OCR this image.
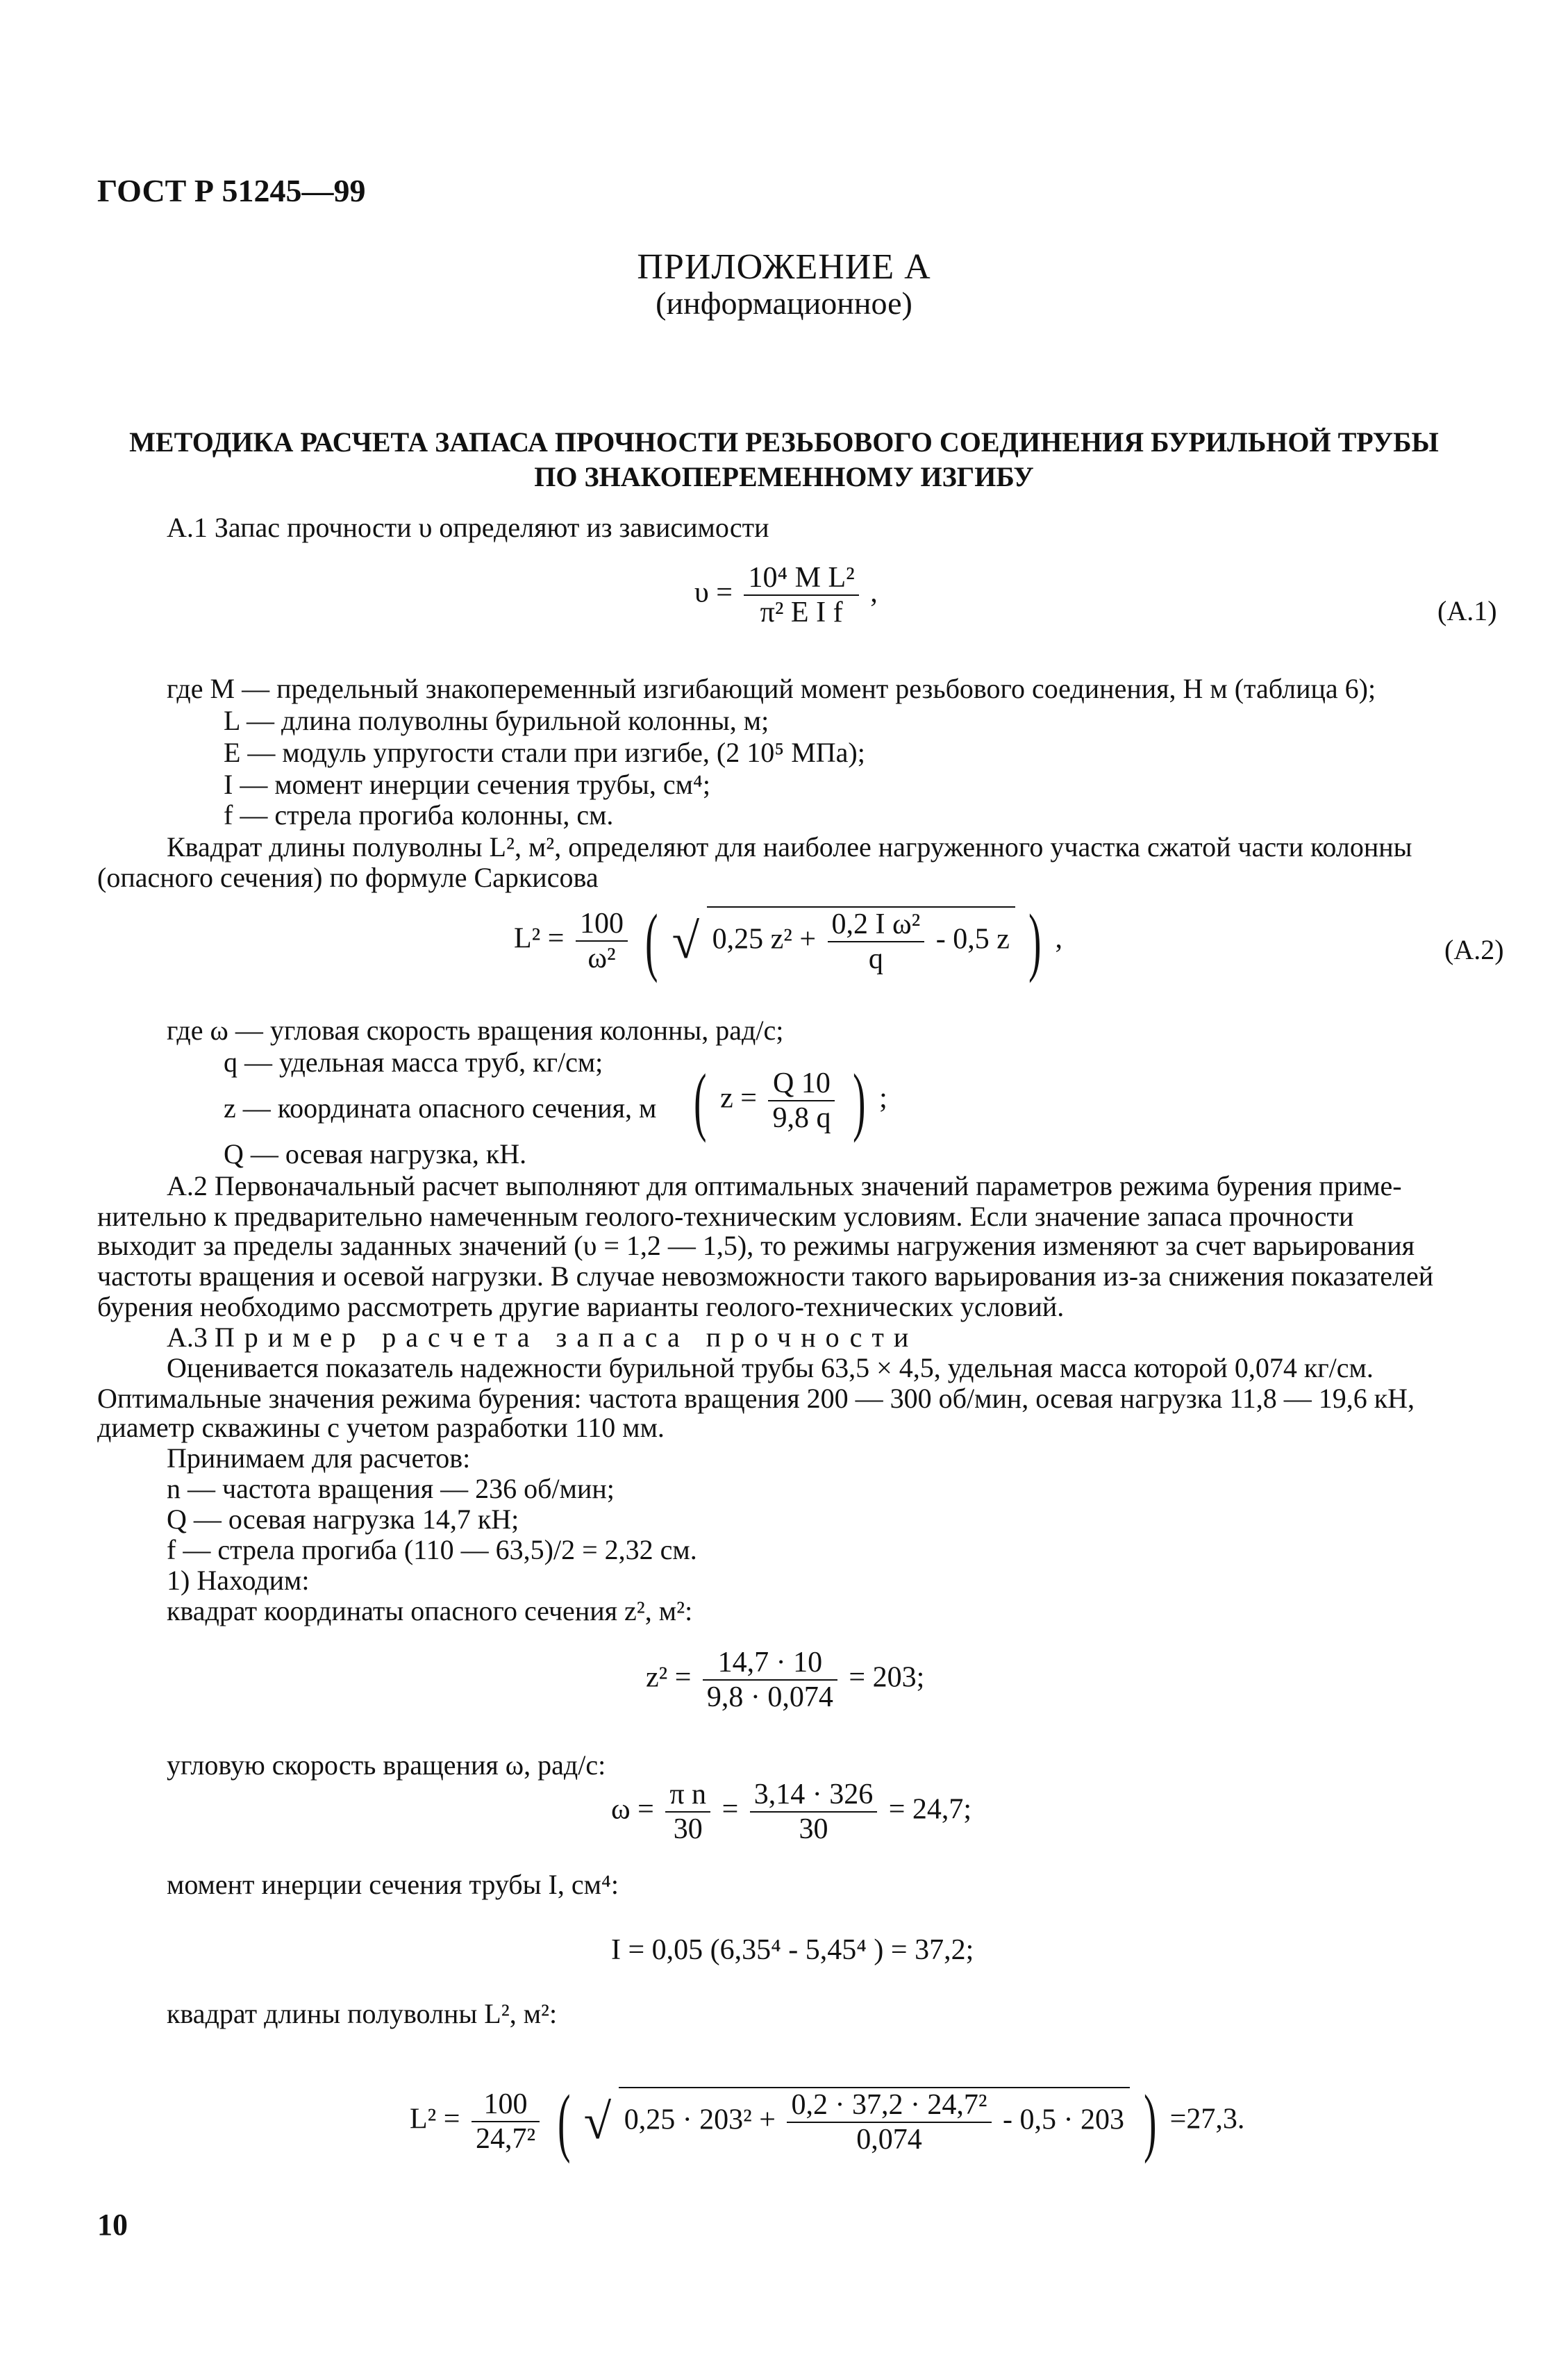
ГОСТ Р 51245—99
ПРИЛОЖЕНИЕ А
(информационное)
МЕТОДИКА РАСЧЕТА ЗАПАСА ПРОЧНОСТИ РЕЗЬБОВОГО СОЕДИНЕНИЯ БУРИЛЬНОЙ ТРУБЫ
ПО ЗНАКОПЕРЕМЕННОМУ ИЗГИБУ
А.1 Запас прочности υ определяют из зависимости
$\upsilon = \frac{\text{10⁴ M L²}}{\text{π² E I f}}$ ,
(А.1)
где M — предельный знакопеременный изгибающий момент резьбового соединения, Н м (таблица 6);
L — длина полуволны бурильной колонны, м;
E — модуль упругости стали при изгибе, (2 10⁵ МПа);
I — момент инерции сечения трубы, см⁴;
f — стрела прогиба колонны, см.
Квадрат длины полуволны L², м², определяют для наиболее нагруженного участка сжатой части колонны
(опасного сечения) по формуле Саркисова
$L^2 = \frac{100}{\text{ω²}}$ ( √ 0,25 $z^2 + \frac{\text{0,2 I ω²}}{q} - 0,5$ z ) ,	(А.2)
где ω — угловая скорость вращения колонны, рад/с;
q — удельная масса труб, кг/см;
z — координата опасного сечения, м ( $z = \frac{Q 10}{9,8 q}$ ) ;
Q — осевая нагрузка, кН.
А.2 Первоначальный расчет выполняют для оптимальных значений параметров режима бурения приме-
нительно к предварительно намеченным геолого-техническим условиям. Если значение запаса прочности
выходит за пределы заданных значений (υ = 1,2 — 1,5), то режимы нагружения изменяют за счет варьирования
частоты вращения и осевой нагрузки. В случае невозможности такого варьирования из-за снижения показателей
бурения необходимо рассмотреть другие варианты геолого-технических условий.
А.3 Пример расчета запаса прочности
Оценивается показатель надежности бурильной трубы 63,5 × 4,5, удельная масса которой 0,074 кг/см.
Оптимальные значения режима бурения: частота вращения 200 — 300 об/мин, осевая нагрузка 11,8 — 19,6 кН,
диаметр скважины с учетом разработки 110 мм.
Принимаем для расчетов:
n — частота вращения — 236 об/мин;
Q — осевая нагрузка 14,7 кН;
f — стрела прогиба (110 — 63,5)/2 = 2,32 см.
1) Находим:
квадрат координаты опасного сечения z², м²:
$z^2 = \frac{14,7 \cdot 10}{9,8 \cdot 0,074} = 203$;
угловую скорость вращения ω, рад/с:
$\omega = \frac{\text{π n}}{30} = \frac{3,14 \cdot 326}{30} = 24,7$;
момент инерции сечения трубы I, см⁴:
I = 0,05 (6,35⁴ - 5,45⁴ ) = 37,2;
квадрат длины полуволны L², м²:
$L^2 = \frac{100}{\text{24,7²}}$ ( √ $0,25 \cdot 203^2 + \frac{\text{0,2 · 37,2 · 24,7²}}{0,074} - 0,5 \cdot 203$ ) =27,3.
10
